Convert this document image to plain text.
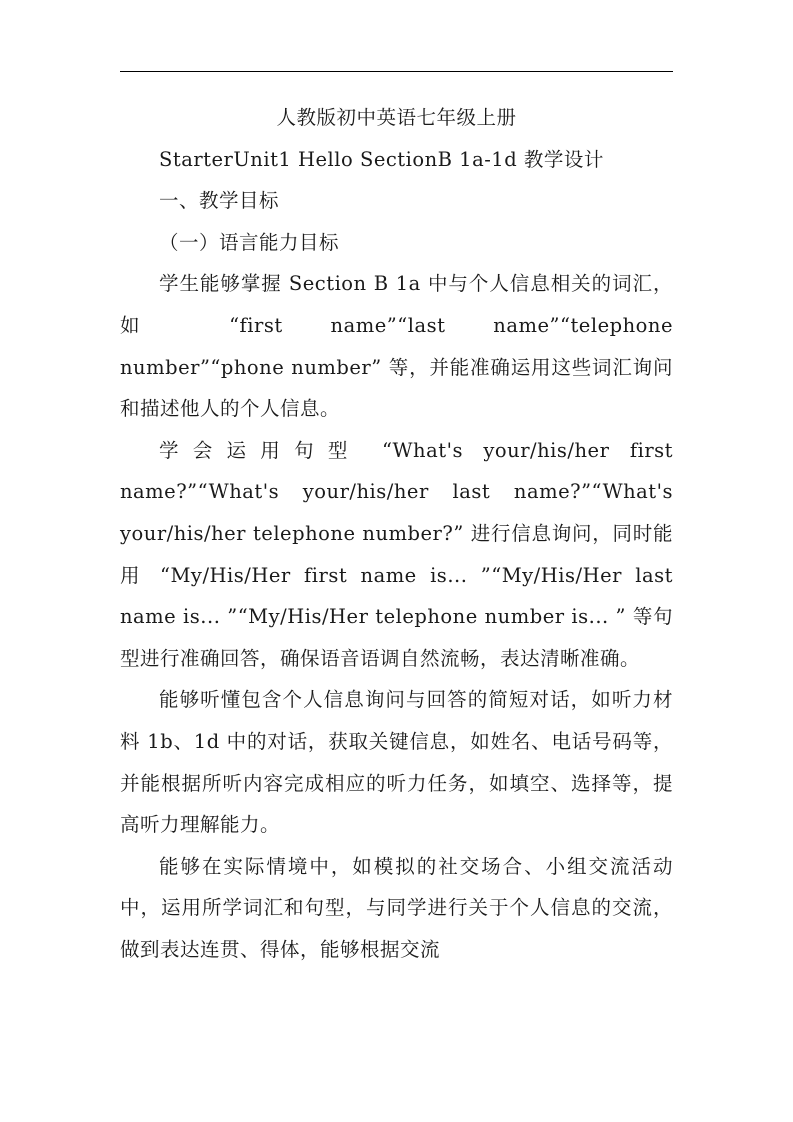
人教版初中英语七年级上册

StarterUnit1 Hello SectionB 1a-1d 教学设计

一、教学目标

（一）语言能力目标

学生能够掌握 Section B 1a 中与个人信息相关的词汇，如 “first name”“last name”“telephone number”“phone number” 等，并能准确运用这些词汇询问和描述他人的个人信息。

学会运用句型 “What's your/his/her first name?”“What's your/his/her last name?”“What's your/his/her telephone number?” 进行信息询问，同时能用 “My/His/Her first name is... ”“My/His/Her last name is... ”“My/His/Her telephone number is... ” 等句型进行准确回答，确保语音语调自然流畅，表达清晰准确。

能够听懂包含个人信息询问与回答的简短对话，如听力材料 1b、1d 中的对话，获取关键信息，如姓名、电话号码等，并能根据所听内容完成相应的听力任务，如填空、选择等，提高听力理解能力。

能够在实际情境中，如模拟的社交场合、小组交流活动中，运用所学词汇和句型，与同学进行关于个人信息的交流，做到表达连贯、得体，能够根据交流
